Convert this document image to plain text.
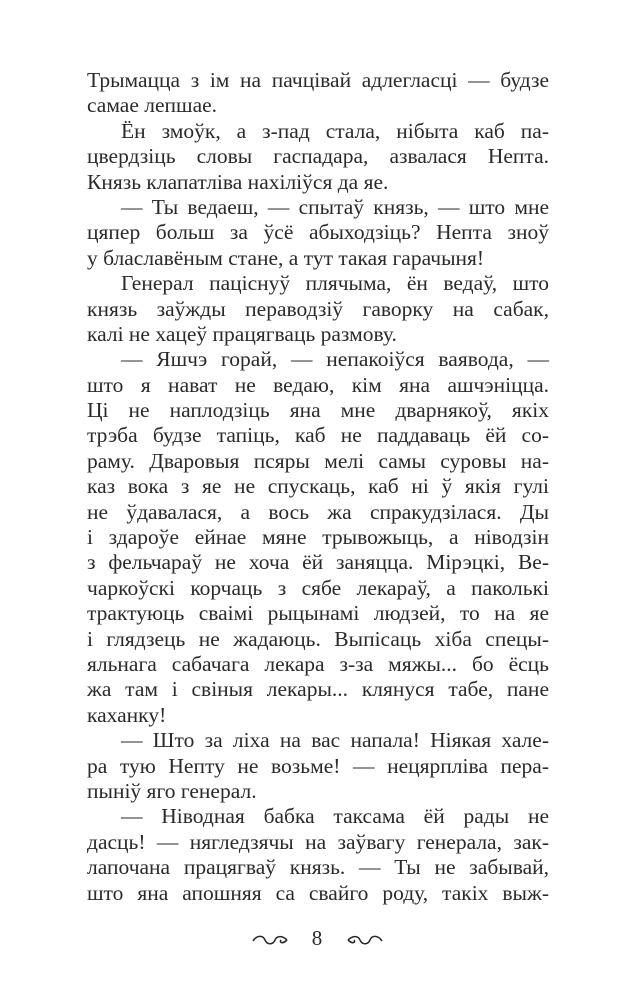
Трымацца з ім на пачцівай адлегласці — будзе
самае лепшае.
Ён змоўк, а з-пад стала, нібыта каб па-
цвердзіць словы гаспадара, азвалася Непта.
Князь клапатліва нахіліўся да яе.
— Ты ведаеш, — спытаў князь, — што мне
цяпер больш за ўсё абыходзіць? Непта зноў
у блаславёным стане, а тут такая гарачыня!
Генерал паціснуў плячыма, ён ведаў, што
князь заўжды пераводзіў гаворку на сабак,
калі не хацеў працягваць размову.
— Яшчэ горай, — непакоіўся ваявода, —
што я нават не ведаю, кім яна ашчэніцца.
Ці не наплодзіць яна мне дварнякоў, якіх
трэба будзе тапіць, каб не паддаваць ёй со-
раму. Дваровыя псяры мелі самы суровы на-
каз вока з яе не спускаць, каб ні ў якія гулі
не ўдавалася, а вось жа спракудзілася. Ды
і здароўе ейнае мяне трывожыць, а ніводзін
з фельчараў не хоча ёй заняцца. Мірэцкі, Ве-
чаркоўскі корчаць з сябе лекараў, а паколькі
трактуюць сваімі рыцынамі людзей, то на яе
і глядзець не жадаюць. Выпісаць хіба спецы-
яльнага сабачага лекара з-за мяжы... бо ёсць
жа там і свіныя лекары... клянуся табе, пане
каханку!
— Што за ліха на вас напала! Ніякая хале-
ра тую Непту не возьме! — нецярпліва пера-
пыніў яго генерал.
— Ніводная бабка таксама ёй рады не
дасць! — нягледзячы на заўвагу генерала, зак-
лапочана працягваў князь. — Ты не забывай,
што яна апошняя са свайго роду, такіх выж-
8
